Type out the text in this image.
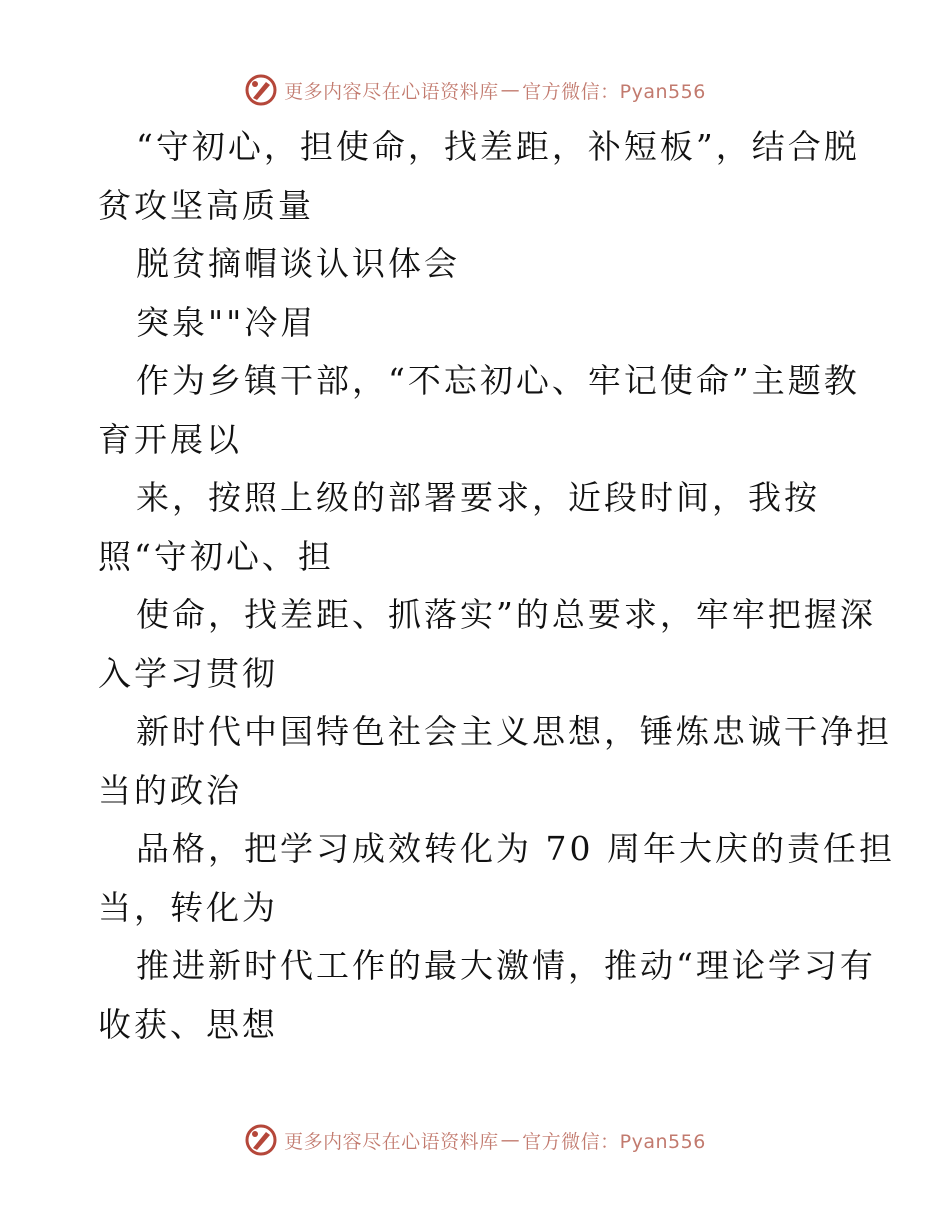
更多内容尽在心语资料库 — 官方微信：Pyan556
“守初心，担使命，找差距，补短板”，结合脱
贫攻坚高质量
脱贫摘帽谈认识体会
突泉""冷眉
作为乡镇干部，“不忘初心、牢记使命”主题教
育开展以
来，按照上级的部署要求，近段时间，我按
照“守初心、担
使命，找差距、抓落实”的总要求，牢牢把握深
入学习贯彻
新时代中国特色社会主义思想，锤炼忠诚干净担
当的政治
品格，把学习成效转化为 70 周年大庆的责任担
当，转化为
推进新时代工作的最大激情，推动“理论学习有
收获、思想
更多内容尽在心语资料库 — 官方微信：Pyan556
